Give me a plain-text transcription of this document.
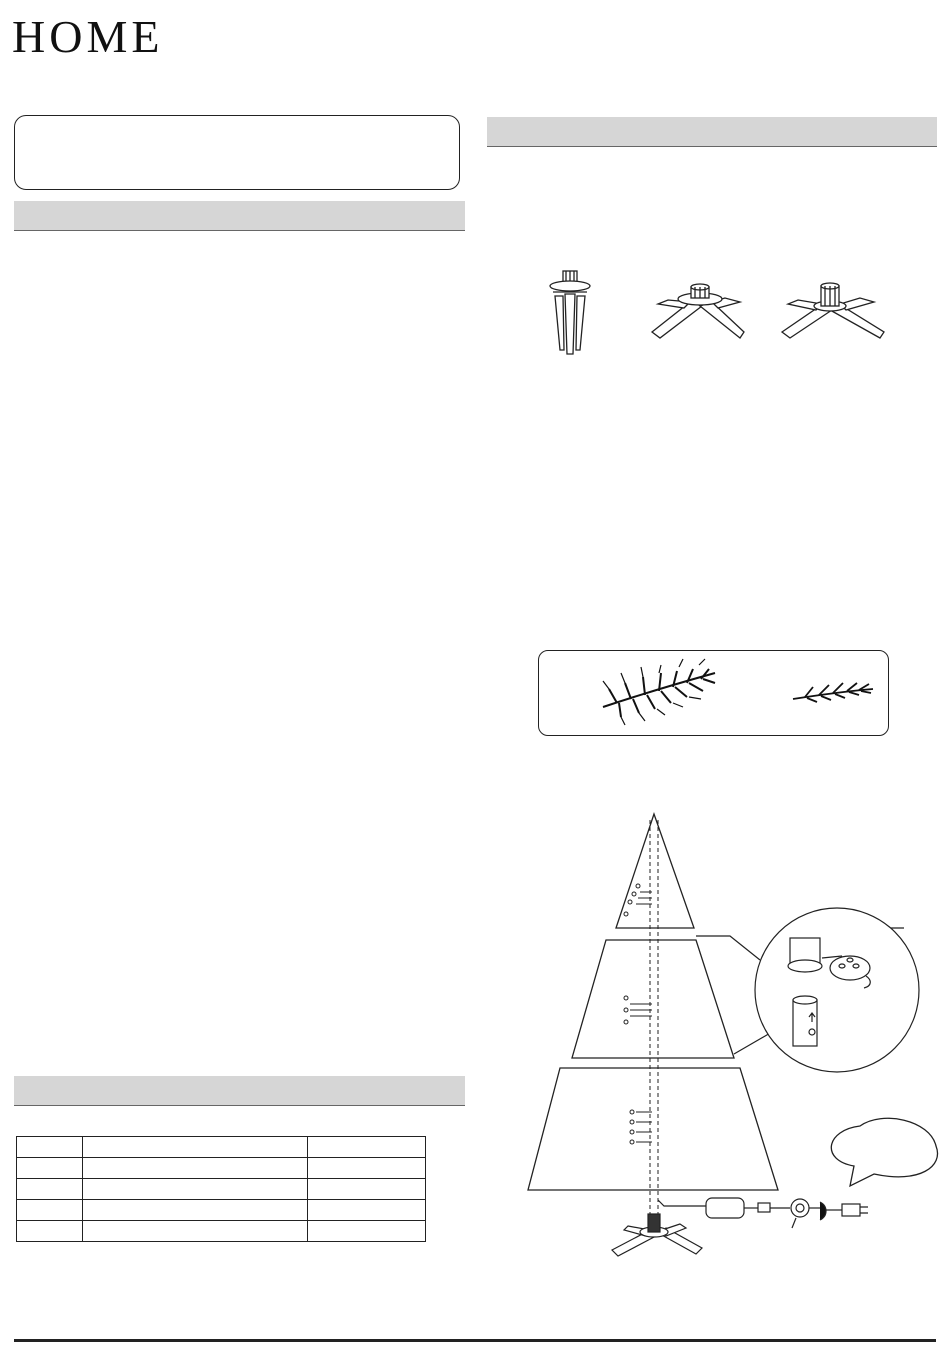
HOME
